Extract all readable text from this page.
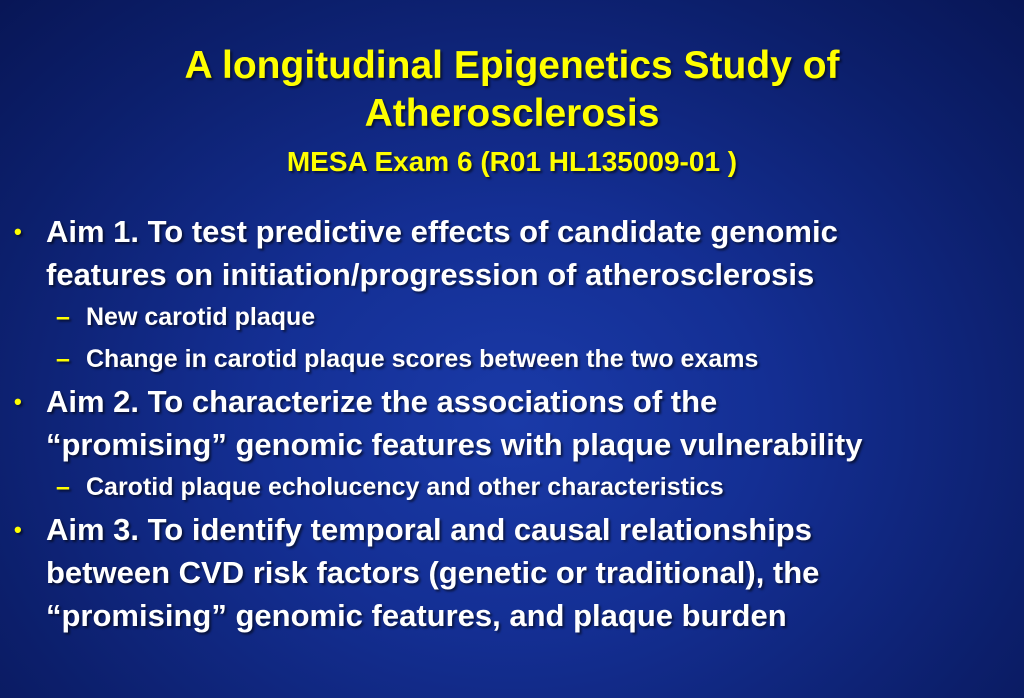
A longitudinal Epigenetics Study of
Atherosclerosis
MESA Exam 6 (R01 HL135009-01 )
• Aim 1. To test predictive effects of candidate genomic
features on initiation/progression of atherosclerosis
– New carotid plaque
– Change in carotid plaque scores between the two exams
• Aim 2. To characterize the associations of the
“promising” genomic features with plaque vulnerability
– Carotid plaque echolucency and other characteristics
• Aim 3. To identify temporal and causal relationships
between CVD risk factors (genetic or traditional), the
“promising” genomic features, and plaque burden
